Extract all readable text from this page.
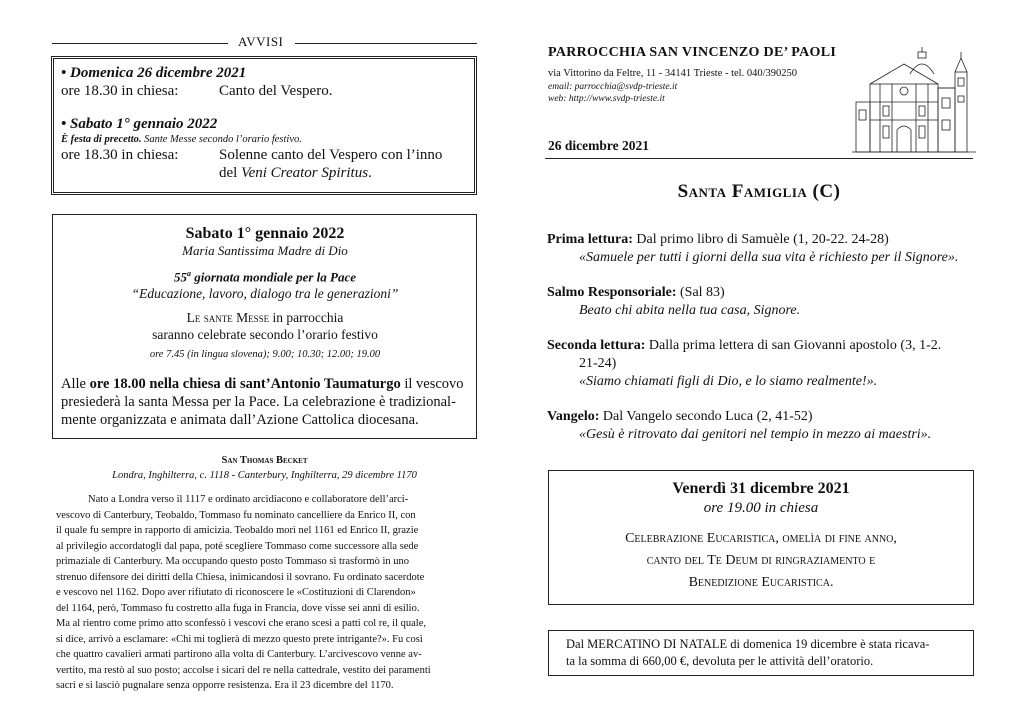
AVVISI
• Domenica 26 dicembre 2021
ore 18.30 in chiesa:	Canto del Vespero.
• Sabato 1° gennaio 2022
È festa di precetto. Sante Messe secondo l’orario festivo.
ore 18.30 in chiesa:	Solenne canto del Vespero con l’inno
del Veni Creator Spiritus.
Sabato 1° gennaio 2022
Maria Santissima Madre di Dio
55$^a$ giornata mondiale per la Pace
“Educazione, lavoro, dialogo tra le generazioni”
Le sante Messe in parrocchia
saranno celebrate secondo l’orario festivo
ore 7.45 (in lingua slovena); 9.00; 10.30; 12.00; 19.00
Alle ore 18.00 nella chiesa di sant’Antonio Taumaturgo il vescovo
presiederà la santa Messa per la Pace. La celebrazione è tradizional-
mente organizzata e animata dall’Azione Cattolica diocesana.
San Thomas Becket
Londra, Inghilterra, c. 1118 - Canterbury, Inghilterra, 29 dicembre 1170
Nato a Londra verso il 1117 e ordinato arcidiacono e collaboratore dell’arci-
vescovo di Canterbury, Teobaldo, Tommaso fu nominato cancelliere da Enrico II, con
il quale fu sempre in rapporto di amicizia. Teobaldo morì nel 1161 ed Enrico II, grazie
al privilegio accordatogli dal papa, poté scegliere Tommaso come successore alla sede
primaziale di Canterbury. Ma occupando questo posto Tommaso si trasformò in uno
strenuo difensore dei diritti della Chiesa, inimicandosi il sovrano. Fu ordinato sacerdote
e vescovo nel 1162. Dopo aver rifiutato di riconoscere le «Costituzioni di Clarendon»
del 1164, però, Tommaso fu costretto alla fuga in Francia, dove visse sei anni di esilio.
Ma al rientro come primo atto sconfessò i vescovi che erano scesi a patti col re, il quale,
si dice, arrivò a esclamare: «Chi mi toglierà di mezzo questo prete intrigante?». Fu così
che quattro cavalieri armati partirono alla volta di Canterbury. L’arcivescovo venne av-
vertito, ma restò al suo posto; accolse i sicari del re nella cattedrale, vestito dei paramenti
sacri e si lasciò pugnalare senza opporre resistenza. Era il 23 dicembre del 1170.
PARROCCHIA SAN VINCENZO DE’ PAOLI
via Vittorino da Feltre, 11 - 34141 Trieste - tel. 040/390250
email: parrocchia@svdp-trieste.it
web: http://www.svdp-trieste.it
26 dicembre 2021
Santa Famiglia (C)
Prima lettura: Dal primo libro di Samuèle (1, 20-22. 24-28)
«Samuele per tutti i giorni della sua vita è richiesto per il Signore».
Salmo Responsoriale: (Sal 83)
Beato chi abita nella tua casa, Signore.
Seconda lettura: Dalla prima lettera di san Giovanni apostolo (3, 1-2.
21-24)
«Siamo chiamati figli di Dio, e lo siamo realmente!».
Vangelo: Dal Vangelo secondo Luca (2, 41-52)
«Gesù è ritrovato dai genitori nel tempio in mezzo ai maestri».
Venerdì 31 dicembre 2021
ore 19.00 in chiesa
Celebrazione Eucaristica, omelìa di fine anno,
canto del Te Deum di ringraziamento e
Benedizione Eucaristica.
Dal MERCATINO DI NATALE di domenica 19 dicembre è stata ricava-
ta la somma di 660,00 €, devoluta per le attività dell’oratorio.
